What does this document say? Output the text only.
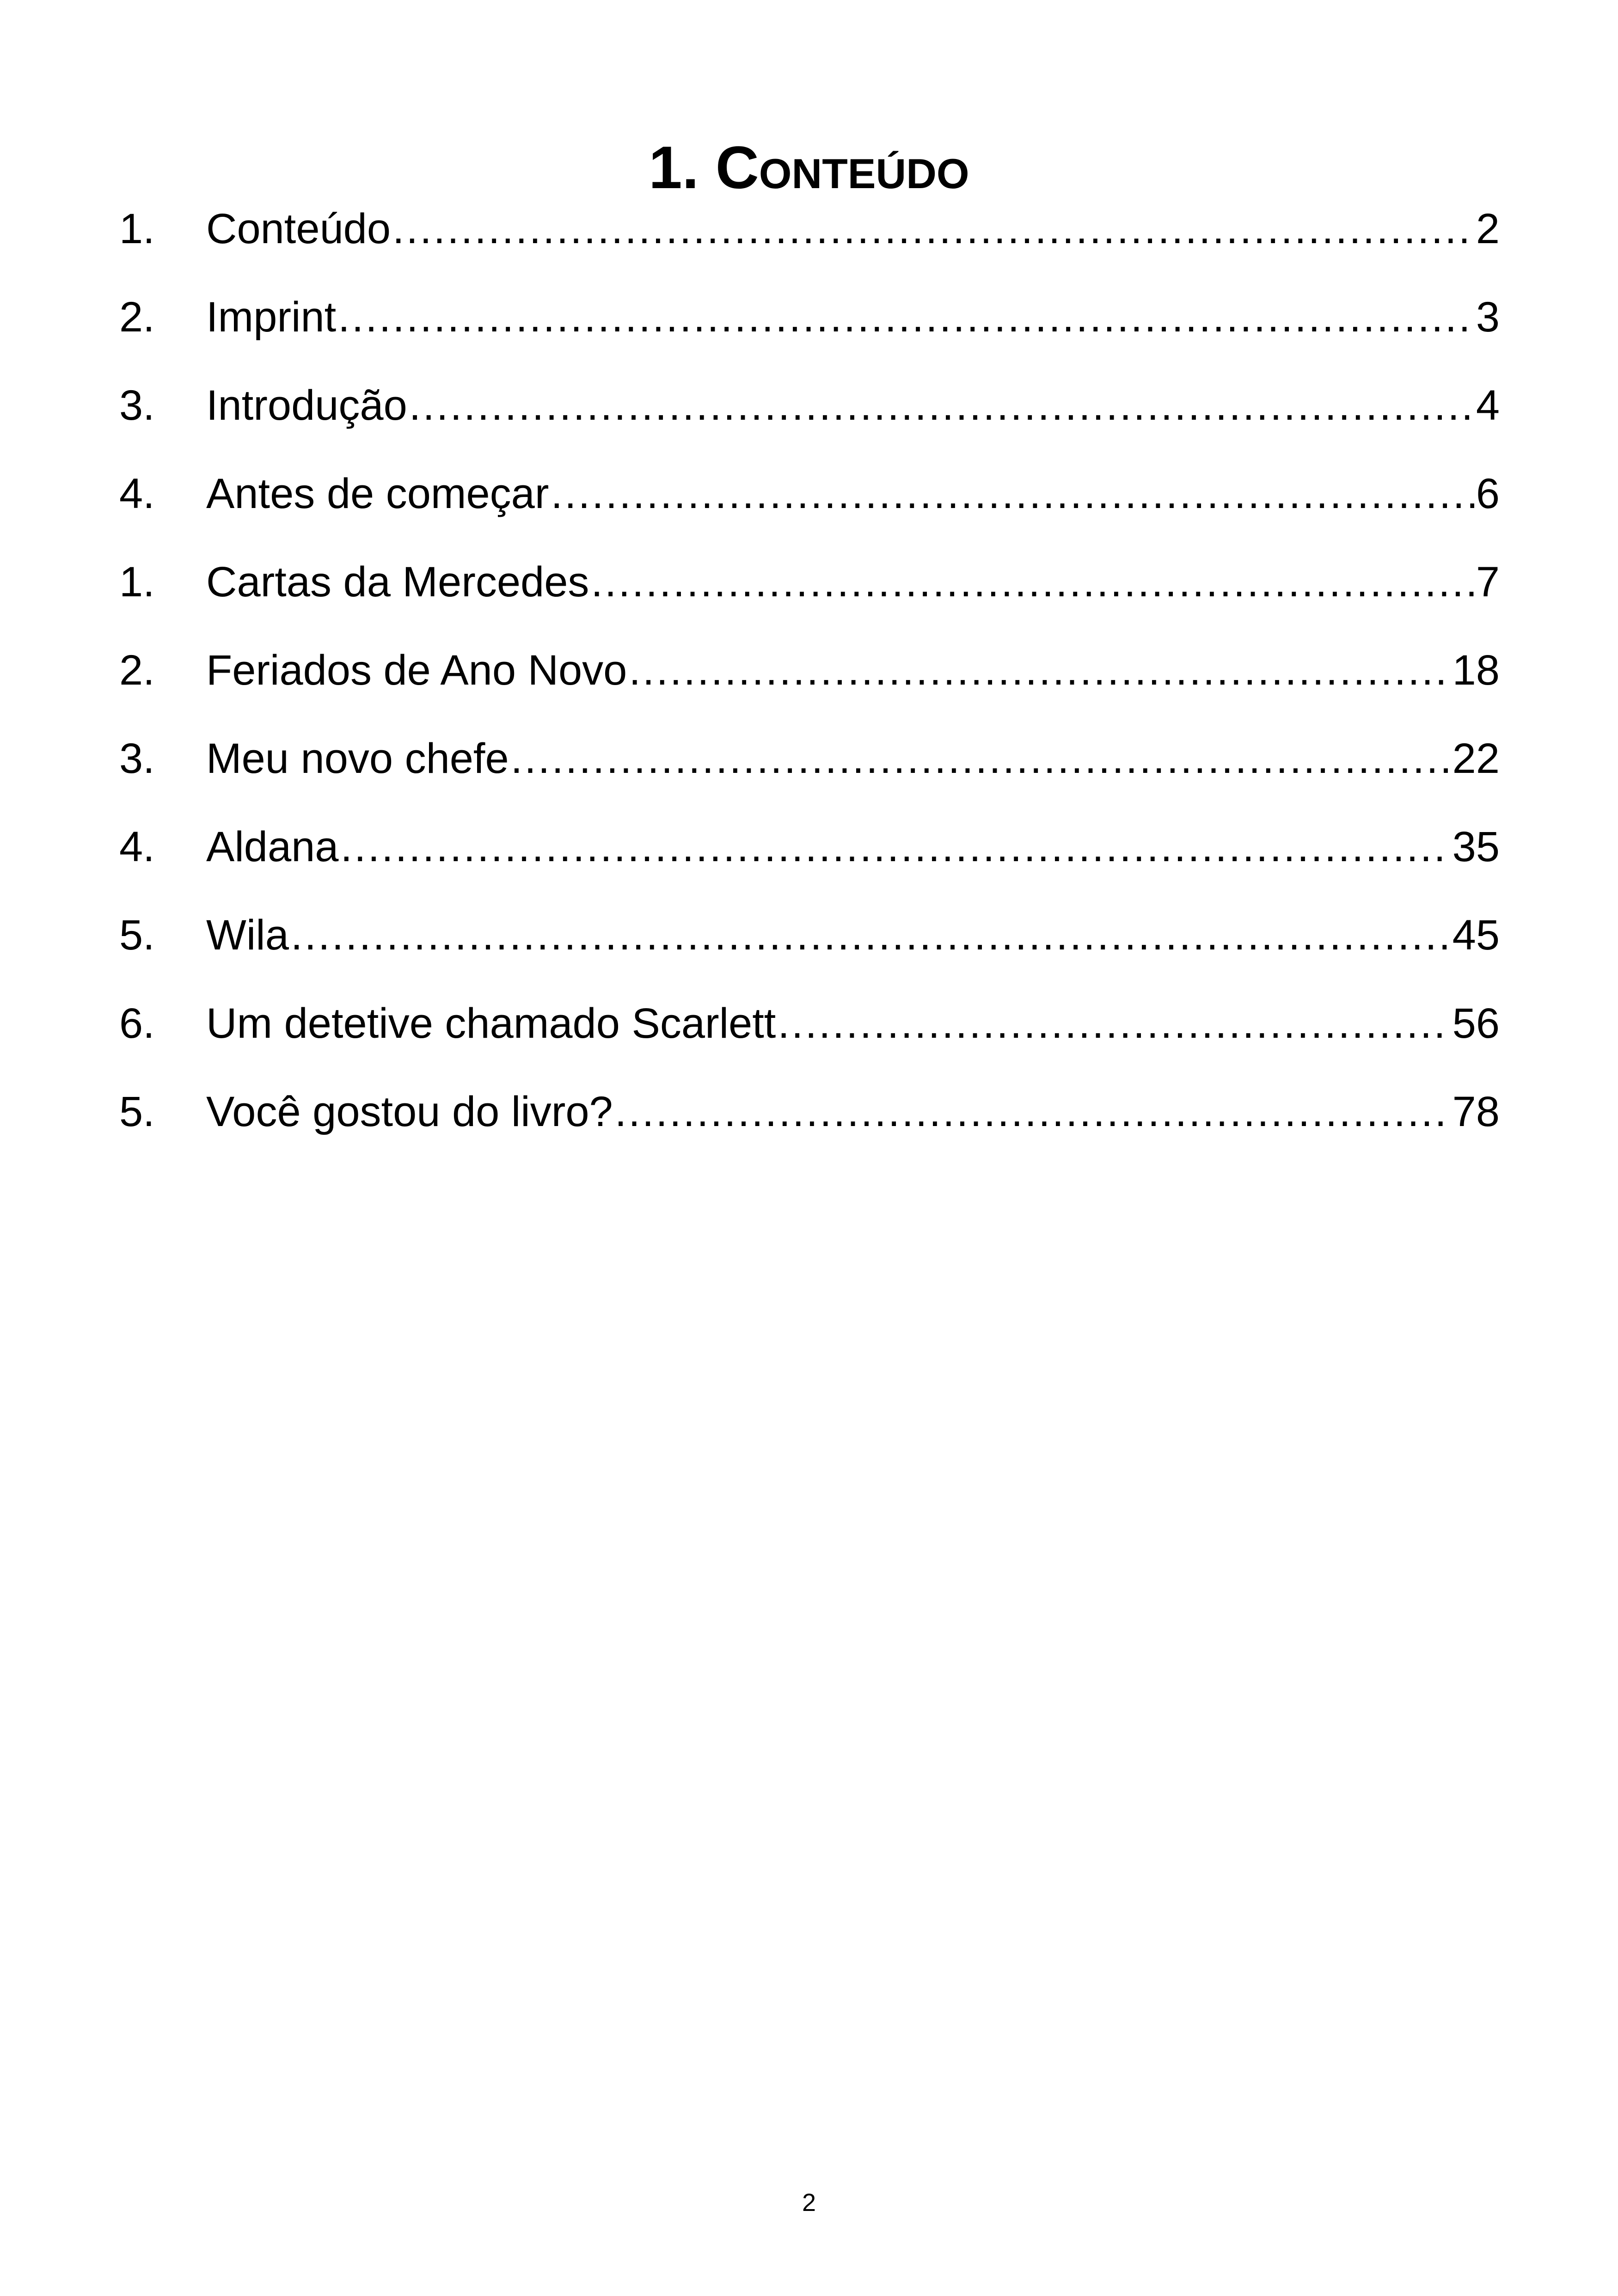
1. Conteúdo
1.	Conteúdo .....	2
2.	Imprint .....	3
3.	Introdução .....	4
4.	Antes de começar .....	6
1.	Cartas da Mercedes .....	7
2.	Feriados de Ano Novo .....	18
3.	Meu novo chefe .....	22
4.	Aldana .....	35
5.	Wila .....	45
6.	Um detetive chamado Scarlett .....	56
5.	Você gostou do livro? .....	78
2
